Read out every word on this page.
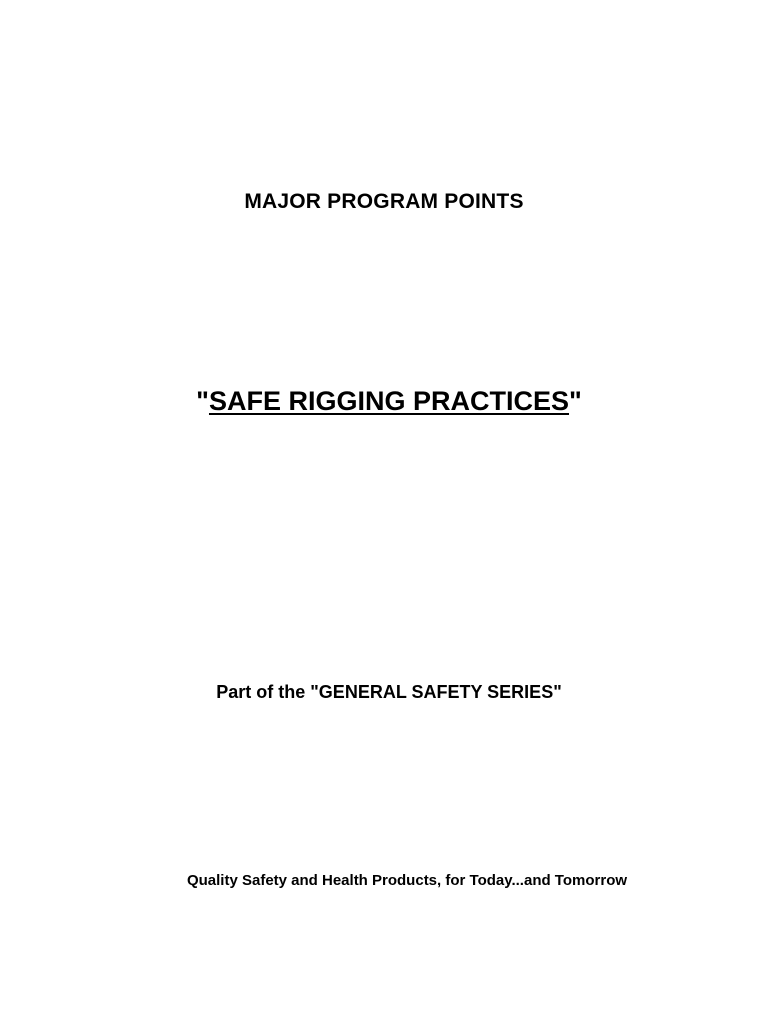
MAJOR PROGRAM POINTS
"SAFE RIGGING PRACTICES"
Part of the "GENERAL SAFETY SERIES"
Quality Safety and Health Products, for Today...and Tomorrow
